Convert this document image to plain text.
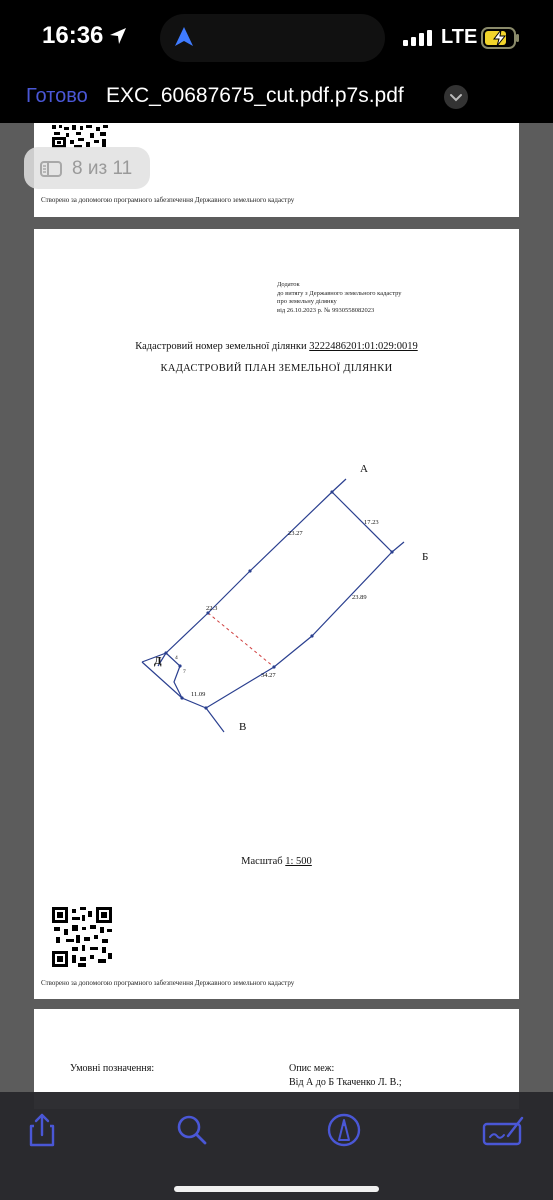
16:36	LTE
Готово EXC_60687675_cut.pdf.p7s.pdf
Створено за допомогою програмного забезпечення Державного земельного кадастру
8 из 11
Додаток
до витягу з Державного земельного кадастру
про земельну ділянку
від 26.10.2023 р. № 9930558082023
Кадастровий номер земельної ділянки 3222486201:01:029:0019
КАДАСТРОВИЙ ПЛАН ЗЕМЕЛЬНОЇ ДІЛЯНКИ
А
Б
В
Д
23.27
17.23
23.89
22.3
34.27
11.09
4
7
Масштаб 1: 500
Створено за допомогою програмного забезпечення Державного земельного кадастру
Умовні позначення:	Опис меж:
Від А до Б Ткаченко Л. В.;
